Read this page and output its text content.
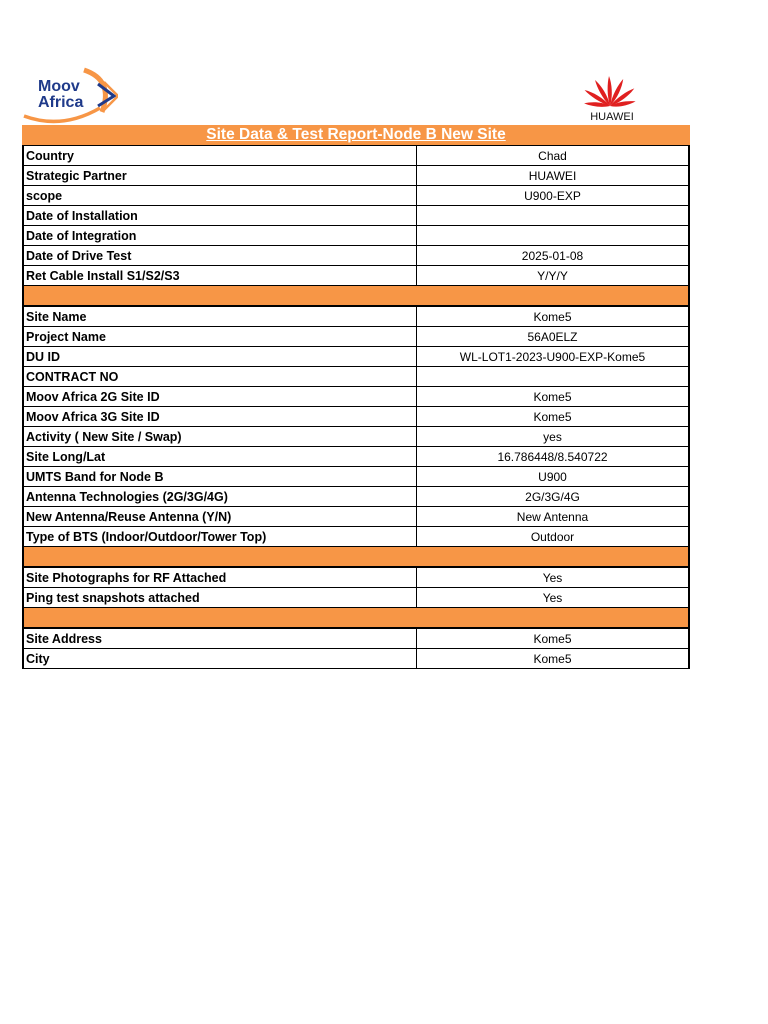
Moov
Africa
HUAWEI
Site Data & Test Report-Node B New Site
Country	Chad
Strategic Partner	HUAWEI
scope	U900-EXP
Date of Installation	
Date of Integration	
Date of Drive Test	2025-01-08
Ret Cable Install S1/S2/S3	Y/Y/Y

Site Name	Kome5
Project Name	56A0ELZ
DU ID	WL-LOT1-2023-U900-EXP-Kome5
CONTRACT NO	
Moov Africa 2G Site ID	Kome5
Moov Africa 3G Site ID	Kome5
Activity ( New Site / Swap)	yes
Site Long/Lat	16.786448/8.540722
UMTS Band for Node B	U900
Antenna Technologies (2G/3G/4G)	2G/3G/4G
New Antenna/Reuse Antenna (Y/N)	New Antenna
Type of BTS (Indoor/Outdoor/Tower Top)	Outdoor

Site Photographs for RF Attached	Yes
Ping test snapshots attached	Yes

Site Address	Kome5
City	Kome5
